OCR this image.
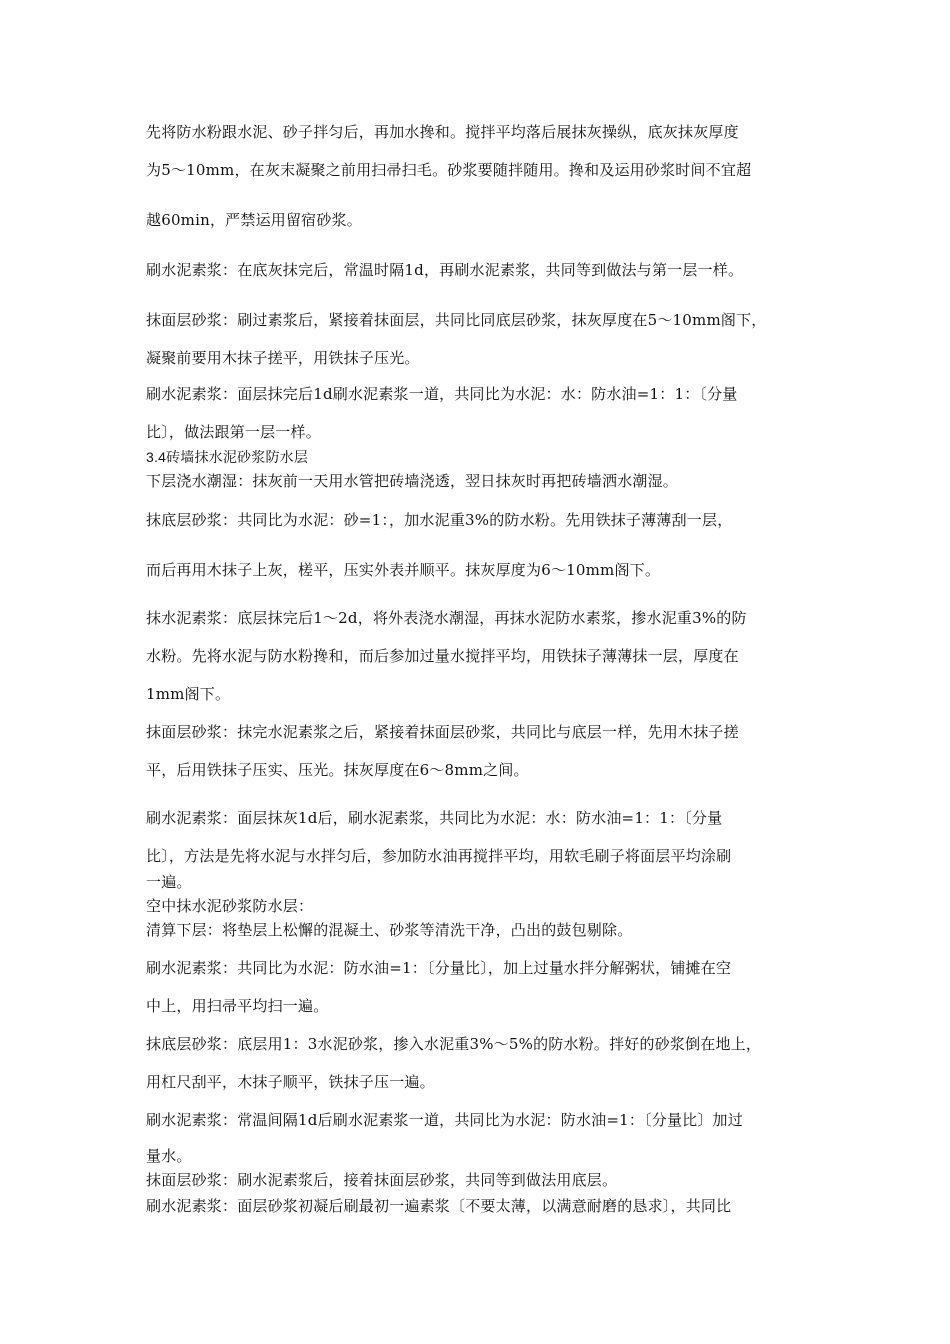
先将防水粉跟水泥、砂子拌匀后，再加水搀和。搅拌平均落后展抹灰操纵，底灰抹灰厚度
为5～10mm，在灰末凝聚之前用扫帚扫毛。砂浆要随拌随用。搀和及运用砂浆时间不宜超
越60min，严禁运用留宿砂浆。
刷水泥素浆：在底灰抹完后，常温时隔1d，再刷水泥素浆，共同等到做法与第一层一样。
抹面层砂浆：刷过素浆后，紧接着抹面层，共同比同底层砂浆，抹灰厚度在5～10mm阁下，
凝聚前要用木抹子搓平，用铁抹子压光。
刷水泥素浆：面层抹完后1d刷水泥素浆一道，共同比为水泥：水：防水油=1：1：〔分量
比〕，做法跟第一层一样。
3.4砖墙抹水泥砂浆防水层
下层浇水潮湿：抹灰前一天用水管把砖墙浇透，翌日抹灰时再把砖墙洒水潮湿。
抹底层砂浆：共同比为水泥：砂=1：，加水泥重3%的防水粉。先用铁抹子薄薄刮一层，
而后再用木抹子上灰，槎平，压实外表并顺平。抹灰厚度为6～10mm阁下。
抹水泥素浆：底层抹完后1～2d，将外表浇水潮湿，再抹水泥防水素浆，掺水泥重3%的防
水粉。先将水泥与防水粉搀和，而后参加过量水搅拌平均，用铁抹子薄薄抹一层，厚度在
1mm阁下。
抹面层砂浆：抹完水泥素浆之后，紧接着抹面层砂浆，共同比与底层一样，先用木抹子搓
平，后用铁抹子压实、压光。抹灰厚度在6～8mm之间。
刷水泥素浆：面层抹灰1d后，刷水泥素浆，共同比为水泥：水：防水油=1：1：〔分量
比〕，方法是先将水泥与水拌匀后，参加防水油再搅拌平均，用软毛刷子将面层平均涂刷
一遍。
空中抹水泥砂浆防水层：
清算下层：将垫层上松懈的混凝土、砂浆等清洗干净，凸出的鼓包剔除。
刷水泥素浆：共同比为水泥：防水油=1：〔分量比〕，加上过量水拌分解粥状，铺摊在空
中上，用扫帚平均扫一遍。
抹底层砂浆：底层用1：3水泥砂浆，掺入水泥重3%～5%的防水粉。拌好的砂浆倒在地上，
用杠尺刮平，木抹子顺平，铁抹子压一遍。
刷水泥素浆：常温间隔1d后刷水泥素浆一道，共同比为水泥：防水油=1：〔分量比〕加过
量水。
抹面层砂浆：刷水泥素浆后，接着抹面层砂浆，共同等到做法用底层。
刷水泥素浆：面层砂浆初凝后刷最初一遍素浆〔不要太薄，以满意耐磨的恳求〕，共同比
